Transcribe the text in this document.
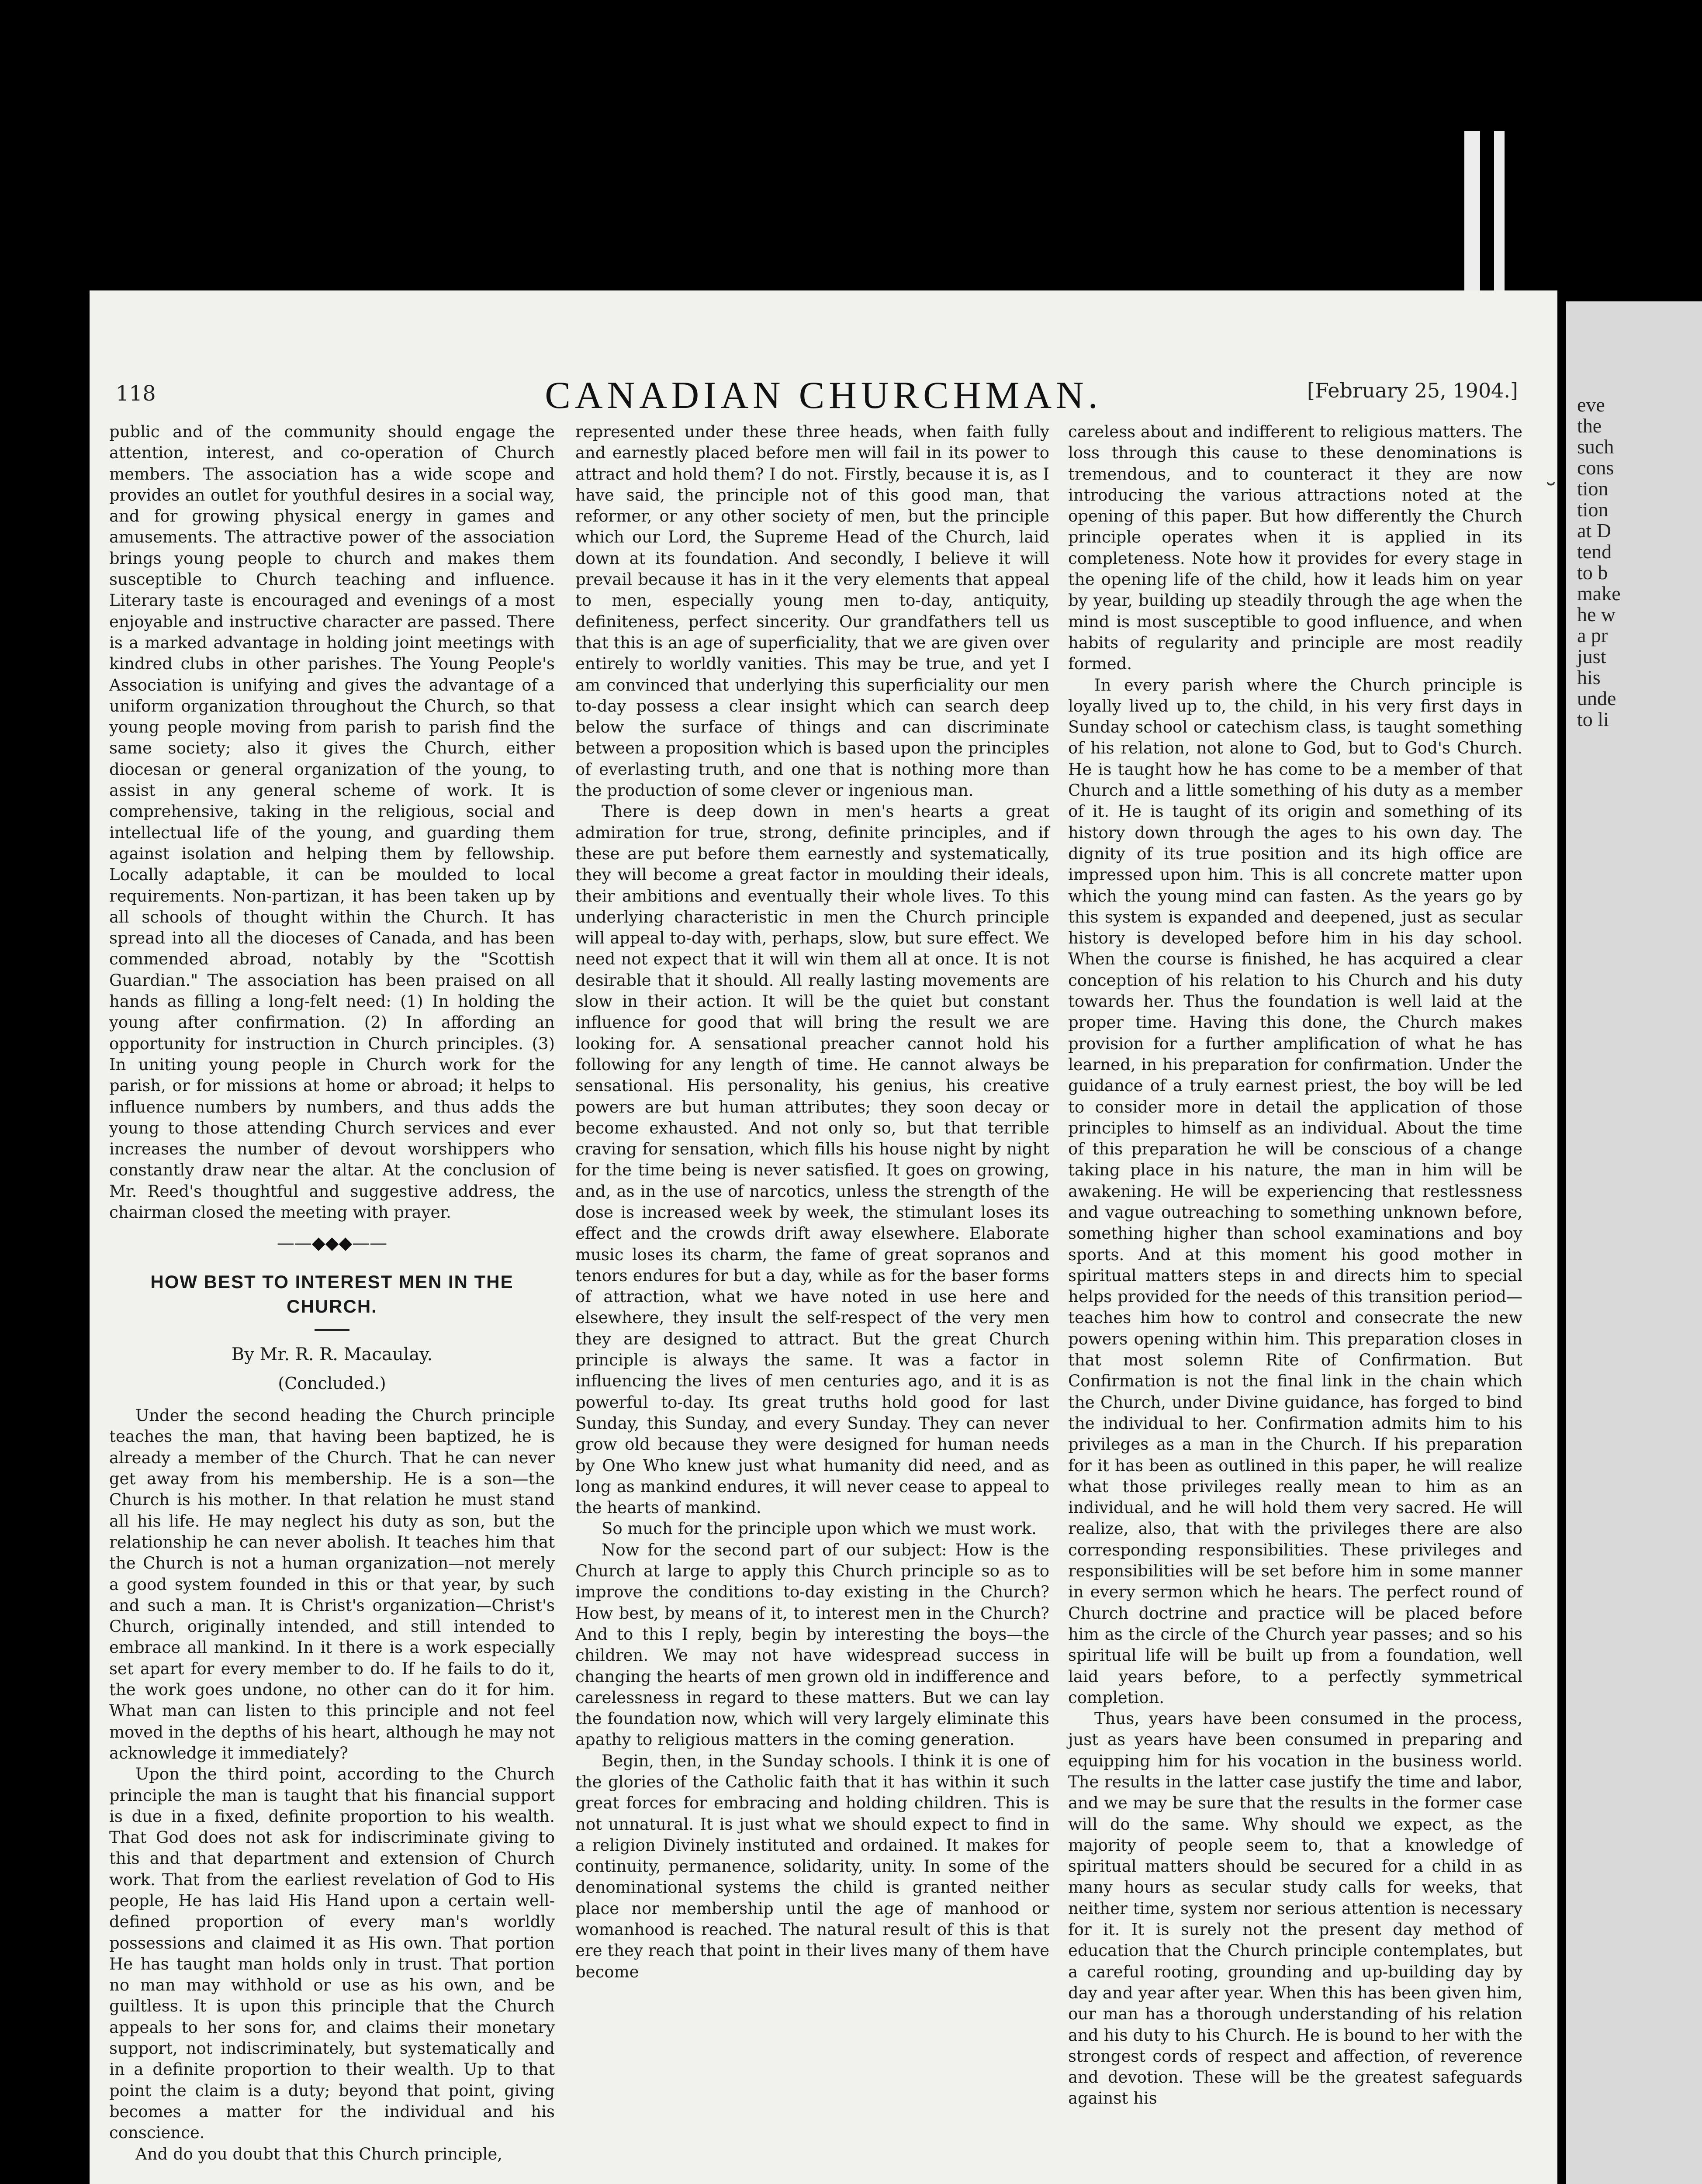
eve
the
such
cons
tion
tion
at D
tend
to b
make
he w
a pr
just
his
unde
to li
CANADIAN CHURCHMAN.
118	[February 25, 1904.]

public and of the community should engage the attention, interest, and co-operation of Church members. The association has a wide scope and provides an outlet for youthful desires in a social way, and for growing physical energy in games and amusements. The attractive power of the association brings young people to church and makes them susceptible to Church teaching and influence. Literary taste is encouraged and evenings of a most enjoyable and instructive character are passed. There is a marked advantage in holding joint meetings with kindred clubs in other parishes. The Young People's Association is unifying and gives the advantage of a uniform organization throughout the Church, so that young people moving from parish to parish find the same society; also it gives the Church, either diocesan or general organization of the young, to assist in any general scheme of work. It is comprehensive, taking in the religious, social and intellectual life of the young, and guarding them against isolation and helping them by fellowship. Locally adaptable, it can be moulded to local requirements. Non-partizan, it has been taken up by all schools of thought within the Church. It has spread into all the dioceses of Canada, and has been commended abroad, notably by the "Scottish Guardian." The association has been praised on all hands as filling a long-felt need: (1) In holding the young after confirmation. (2) In affording an opportunity for instruction in Church principles. (3) In uniting young people in Church work for the parish, or for missions at home or abroad; it helps to influence numbers by numbers, and thus adds the young to those attending Church services and ever increases the number of devout worshippers who constantly draw near the altar. At the conclusion of Mr. Reed's thoughtful and suggestive address, the chairman closed the meeting with prayer.

——◆◆◆——
HOW BEST TO INTEREST MEN IN THE CHURCH.
By Mr. R. R. Macaulay.
(Concluded.)

Under the second heading the Church principle teaches the man, that having been baptized, he is already a member of the Church. That he can never get away from his membership. He is a son—the Church is his mother. In that relation he must stand all his life. He may neglect his duty as son, but the relationship he can never abolish. It teaches him that the Church is not a human organization—not merely a good system founded in this or that year, by such and such a man. It is Christ's organization—Christ's Church, originally intended, and still intended to embrace all mankind. In it there is a work especially set apart for every member to do. If he fails to do it, the work goes undone, no other can do it for him. What man can listen to this principle and not feel moved in the depths of his heart, although he may not acknowledge it immediately?

Upon the third point, according to the Church principle the man is taught that his financial support is due in a fixed, definite proportion to his wealth. That God does not ask for indiscriminate giving to this and that department and extension of Church work. That from the earliest revelation of God to His people, He has laid His Hand upon a certain well-defined proportion of every man's worldly possessions and claimed it as His own. That portion He has taught man holds only in trust. That portion no man may withhold or use as his own, and be guiltless. It is upon this principle that the Church appeals to her sons for, and claims their monetary support, not indiscriminately, but systematically and in a definite proportion to their wealth. Up to that point the claim is a duty; beyond that point, giving becomes a matter for the individual and his conscience.

And do you doubt that this Church principle,

represented under these three heads, when faith fully and earnestly placed before men will fail in its power to attract and hold them? I do not. Firstly, because it is, as I have said, the principle not of this good man, that reformer, or any other society of men, but the principle which our Lord, the Supreme Head of the Church, laid down at its foundation. And secondly, I believe it will prevail because it has in it the very elements that appeal to men, especially young men to-day, antiquity, definiteness, perfect sincerity. Our grandfathers tell us that this is an age of superficiality, that we are given over entirely to worldly vanities. This may be true, and yet I am convinced that underlying this superficiality our men to-day possess a clear insight which can search deep below the surface of things and can discriminate between a proposition which is based upon the principles of everlasting truth, and one that is nothing more than the production of some clever or ingenious man.

There is deep down in men's hearts a great admiration for true, strong, definite principles, and if these are put before them earnestly and systematically, they will become a great factor in moulding their ideals, their ambitions and eventually their whole lives. To this underlying characteristic in men the Church principle will appeal to-day with, perhaps, slow, but sure effect. We need not expect that it will win them all at once. It is not desirable that it should. All really lasting movements are slow in their action. It will be the quiet but constant influence for good that will bring the result we are looking for. A sensational preacher cannot hold his following for any length of time. He cannot always be sensational. His personality, his genius, his creative powers are but human attributes; they soon decay or become exhausted. And not only so, but that terrible craving for sensation, which fills his house night by night for the time being is never satisfied. It goes on growing, and, as in the use of narcotics, unless the strength of the dose is increased week by week, the stimulant loses its effect and the crowds drift away elsewhere. Elaborate music loses its charm, the fame of great sopranos and tenors endures for but a day, while as for the baser forms of attraction, what we have noted in use here and elsewhere, they insult the self-respect of the very men they are designed to attract. But the great Church principle is always the same. It was a factor in influencing the lives of men centuries ago, and it is as powerful to-day. Its great truths hold good for last Sunday, this Sunday, and every Sunday. They can never grow old because they were designed for human needs by One Who knew just what humanity did need, and as long as mankind endures, it will never cease to appeal to the hearts of mankind.

So much for the principle upon which we must work.

Now for the second part of our subject: How is the Church at large to apply this Church principle so as to improve the conditions to-day existing in the Church? How best, by means of it, to interest men in the Church? And to this I reply, begin by interesting the boys—the children. We may not have widespread success in changing the hearts of men grown old in indifference and carelessness in regard to these matters. But we can lay the foundation now, which will very largely eliminate this apathy to religious matters in the coming generation.

Begin, then, in the Sunday schools. I think it is one of the glories of the Catholic faith that it has within it such great forces for embracing and holding children. This is not unnatural. It is just what we should expect to find in a religion Divinely instituted and ordained. It makes for continuity, permanence, solidarity, unity. In some of the denominational systems the child is granted neither place nor membership until the age of manhood or womanhood is reached. The natural result of this is that ere they reach that point in their lives many of them have become

careless about and indifferent to religious matters. The loss through this cause to these denominations is tremendous, and to counteract it they are now introducing the various attractions noted at the opening of this paper. But how differently the Church principle operates when it is applied in its completeness. Note how it provides for every stage in the opening life of the child, how it leads him on year by year, building up steadily through the age when the mind is most susceptible to good influence, and when habits of regularity and principle are most readily formed.

In every parish where the Church principle is loyally lived up to, the child, in his very first days in Sunday school or catechism class, is taught something of his relation, not alone to God, but to God's Church. He is taught how he has come to be a member of that Church and a little something of his duty as a member of it. He is taught of its origin and something of its history down through the ages to his own day. The dignity of its true position and its high office are impressed upon him. This is all concrete matter upon which the young mind can fasten. As the years go by this system is expanded and deepened, just as secular history is developed before him in his day school. When the course is finished, he has acquired a clear conception of his relation to his Church and his duty towards her. Thus the foundation is well laid at the proper time. Having this done, the Church makes provision for a further amplification of what he has learned, in his preparation for confirmation. Under the guidance of a truly earnest priest, the boy will be led to consider more in detail the application of those principles to himself as an individual. About the time of this preparation he will be conscious of a change taking place in his nature, the man in him will be awakening. He will be experiencing that restlessness and vague outreaching to something unknown before, something higher than school examinations and boy sports. And at this moment his good mother in spiritual matters steps in and directs him to special helps provided for the needs of this transition period—teaches him how to control and consecrate the new powers opening within him. This preparation closes in that most solemn Rite of Confirmation. But Confirmation is not the final link in the chain which the Church, under Divine guidance, has forged to bind the individual to her. Confirmation admits him to his privileges as a man in the Church. If his preparation for it has been as outlined in this paper, he will realize what those privileges really mean to him as an individual, and he will hold them very sacred. He will realize, also, that with the privileges there are also corresponding responsibilities. These privileges and responsibilities will be set before him in some manner in every sermon which he hears. The perfect round of Church doctrine and practice will be placed before him as the circle of the Church year passes; and so his spiritual life will be built up from a foundation, well laid years before, to a perfectly symmetrical completion.

Thus, years have been consumed in the process, just as years have been consumed in preparing and equipping him for his vocation in the business world. The results in the latter case justify the time and labor, and we may be sure that the results in the former case will do the same. Why should we expect, as the majority of people seem to, that a knowledge of spiritual matters should be secured for a child in as many hours as secular study calls for weeks, that neither time, system nor serious attention is necessary for it. It is surely not the present day method of education that the Church principle contemplates, but a careful rooting, grounding and up-building day by day and year after year. When this has been given him, our man has a thorough understanding of his relation and his duty to his Church. He is bound to her with the strongest cords of respect and affection, of reverence and devotion. These will be the greatest safeguards against his

˘
